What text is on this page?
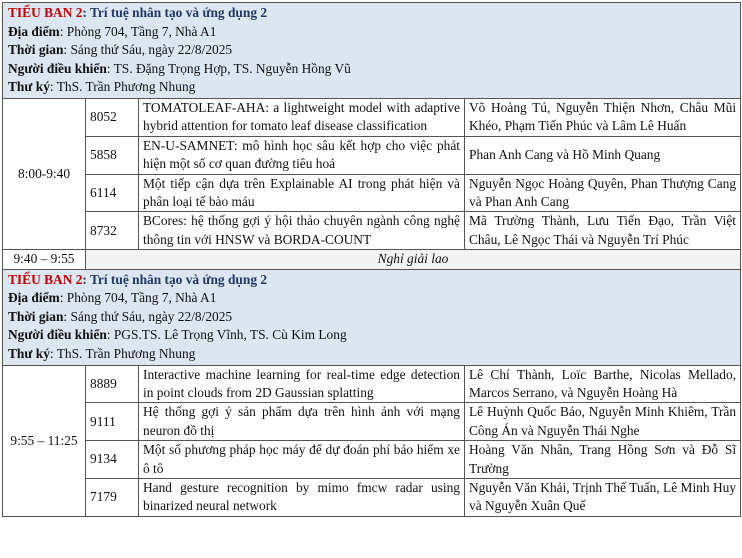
TIỂU BAN 2: Trí tuệ nhân tạo và ứng dụng 2
Địa điểm: Phòng 704, Tầng 7, Nhà A1
Thời gian: Sáng thứ Sáu, ngày 22/8/2025
Người điều khiển: TS. Đặng Trọng Hợp, TS. Nguyễn Hồng Vũ
Thư ký: ThS. Trần Phương Nhung			

8:00-9:40	8052	TOMATOLEAF-AHA: a lightweight model with adaptive hybrid attention for tomato leaf disease classification	Võ Hoàng Tú, Nguyễn Thiện Nhơn, Châu Mũi Khéo, Phạm Tiến Phúc và Lâm Lê Huấn
	5858	EN-U-SAMNET: mô hình học sâu kết hợp cho việc phát hiện một số cơ quan đường tiêu hoá	Phan Anh Cang và Hồ Minh Quang
	6114	Một tiếp cận dựa trên Explainable AI trong phát hiện và phân loại tế bào máu	Nguyễn Ngọc Hoàng Quyên, Phan Thượng Cang và Phan Anh Cang
	8732	BCores: hệ thống gợi ý hội thảo chuyên ngành công nghệ thông tin với HNSW và BORDA-COUNT	Mã Trường Thành, Lưu Tiến Đạo, Trần Việt Châu, Lê Ngọc Thái và Nguyễn Trí Phúc
9:40 – 9:55	Nghỉ giải lao		

TIỂU BAN 2: Trí tuệ nhân tạo và ứng dụng 2
Địa điểm: Phòng 704, Tầng 7, Nhà A1
Thời gian: Sáng thứ Sáu, ngày 22/8/2025
Người điều khiển: PGS.TS. Lê Trọng Vĩnh, TS. Cù Kim Long
Thư ký: ThS. Trần Phương Nhung			

9:55 – 11:25	8889	Interactive machine learning for real-time edge detection in point clouds from 2D Gaussian splatting	Lê Chí Thành, Loïc Barthe, Nicolas Mellado, Marcos Serrano, và Nguyễn Hoàng Hà
	9111	Hệ thống gợi ý sản phẩm dựa trên hình ảnh với mạng neuron đồ thị	Lê Huỳnh Quốc Bảo, Nguyễn Minh Khiêm, Trần Công Án và Nguyễn Thái Nghe
	9134	Một số phương pháp học máy để dự đoán phí bảo hiểm xe ô tô	Hoàng Văn Nhân, Trang Hồng Sơn và Đỗ Sĩ Trường
	7179	Hand gesture recognition by mimo fmcw radar using binarized neural network	Nguyễn Văn Khải, Trịnh Thế Tuấn, Lê Minh Huy và Nguyễn Xuân Quế
